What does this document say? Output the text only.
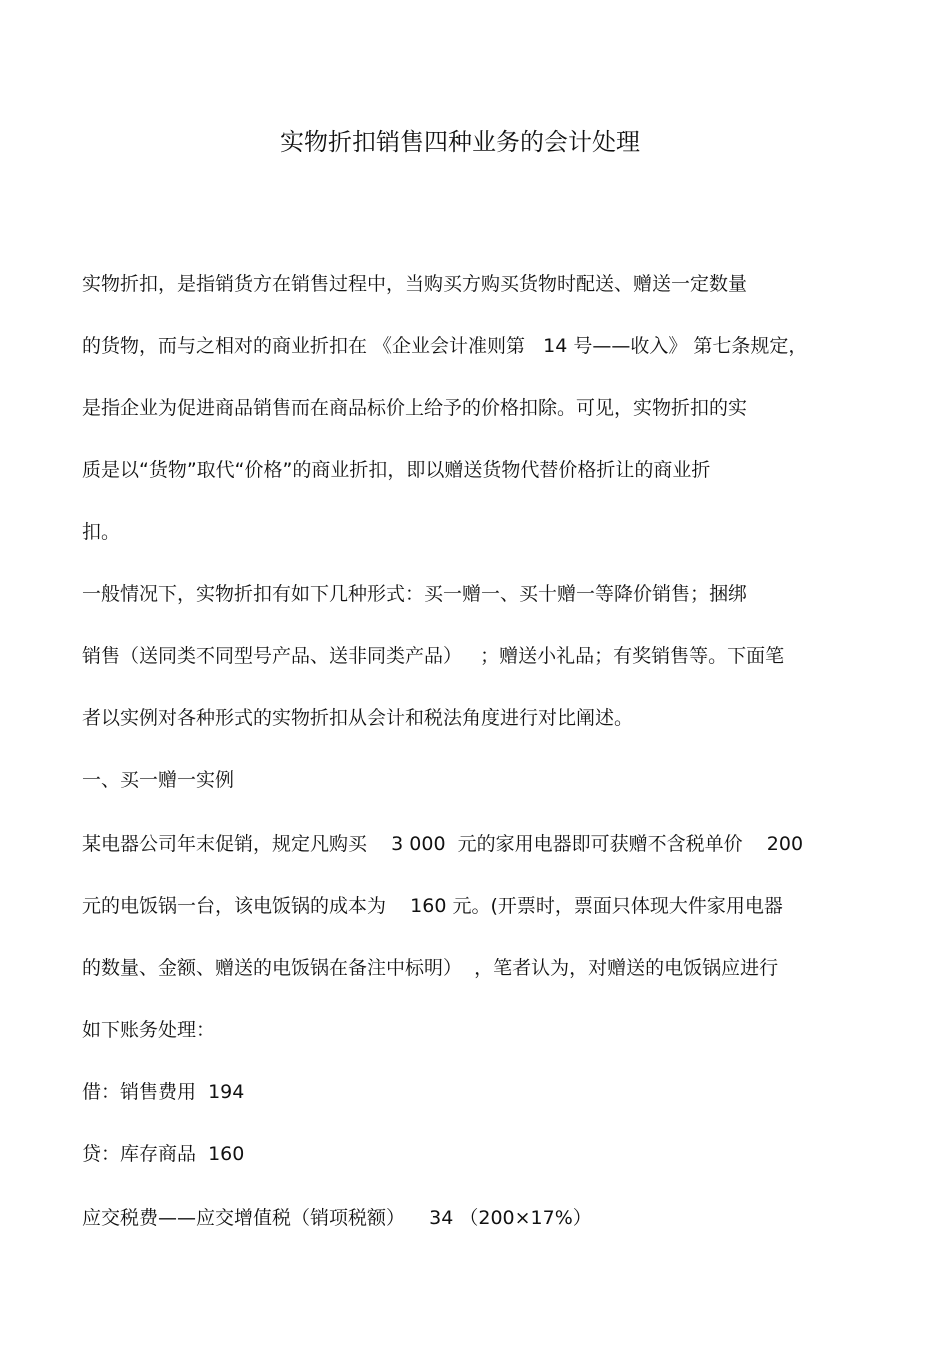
实物折扣销售四种业务的会计处理
实物折扣，是指销货方在销售过程中，当购买方购买货物时配送、赠送一定数量
的货物，而与之相对的商业折扣在 《企业会计准则第   14 号——收入》 第七条规定，
是指企业为促进商品销售而在商品标价上给予的价格扣除。可见，实物折扣的实
质是以“货物”取代“价格”的商业折扣，即以赠送货物代替价格折让的商业折
扣。
一般情况下，实物折扣有如下几种形式：买一赠一、买十赠一等降价销售；捆绑
销售（送同类不同型号产品、送非同类产品）   ；赠送小礼品；有奖销售等。下面笔
者以实例对各种形式的实物折扣从会计和税法角度进行对比阐述。
一、买一赠一实例
某电器公司年末促销，规定凡购买    3 000  元的家用电器即可获赠不含税单价    200
元的电饭锅一台，该电饭锅的成本为    160 元。(开票时，票面只体现大件家用电器
的数量、金额、赠送的电饭锅在备注中标明）  ，笔者认为，对赠送的电饭锅应进行
如下账务处理：
借：销售费用  194
贷：库存商品  160
应交税费——应交增值税（销项税额）    34 （200×17%）
